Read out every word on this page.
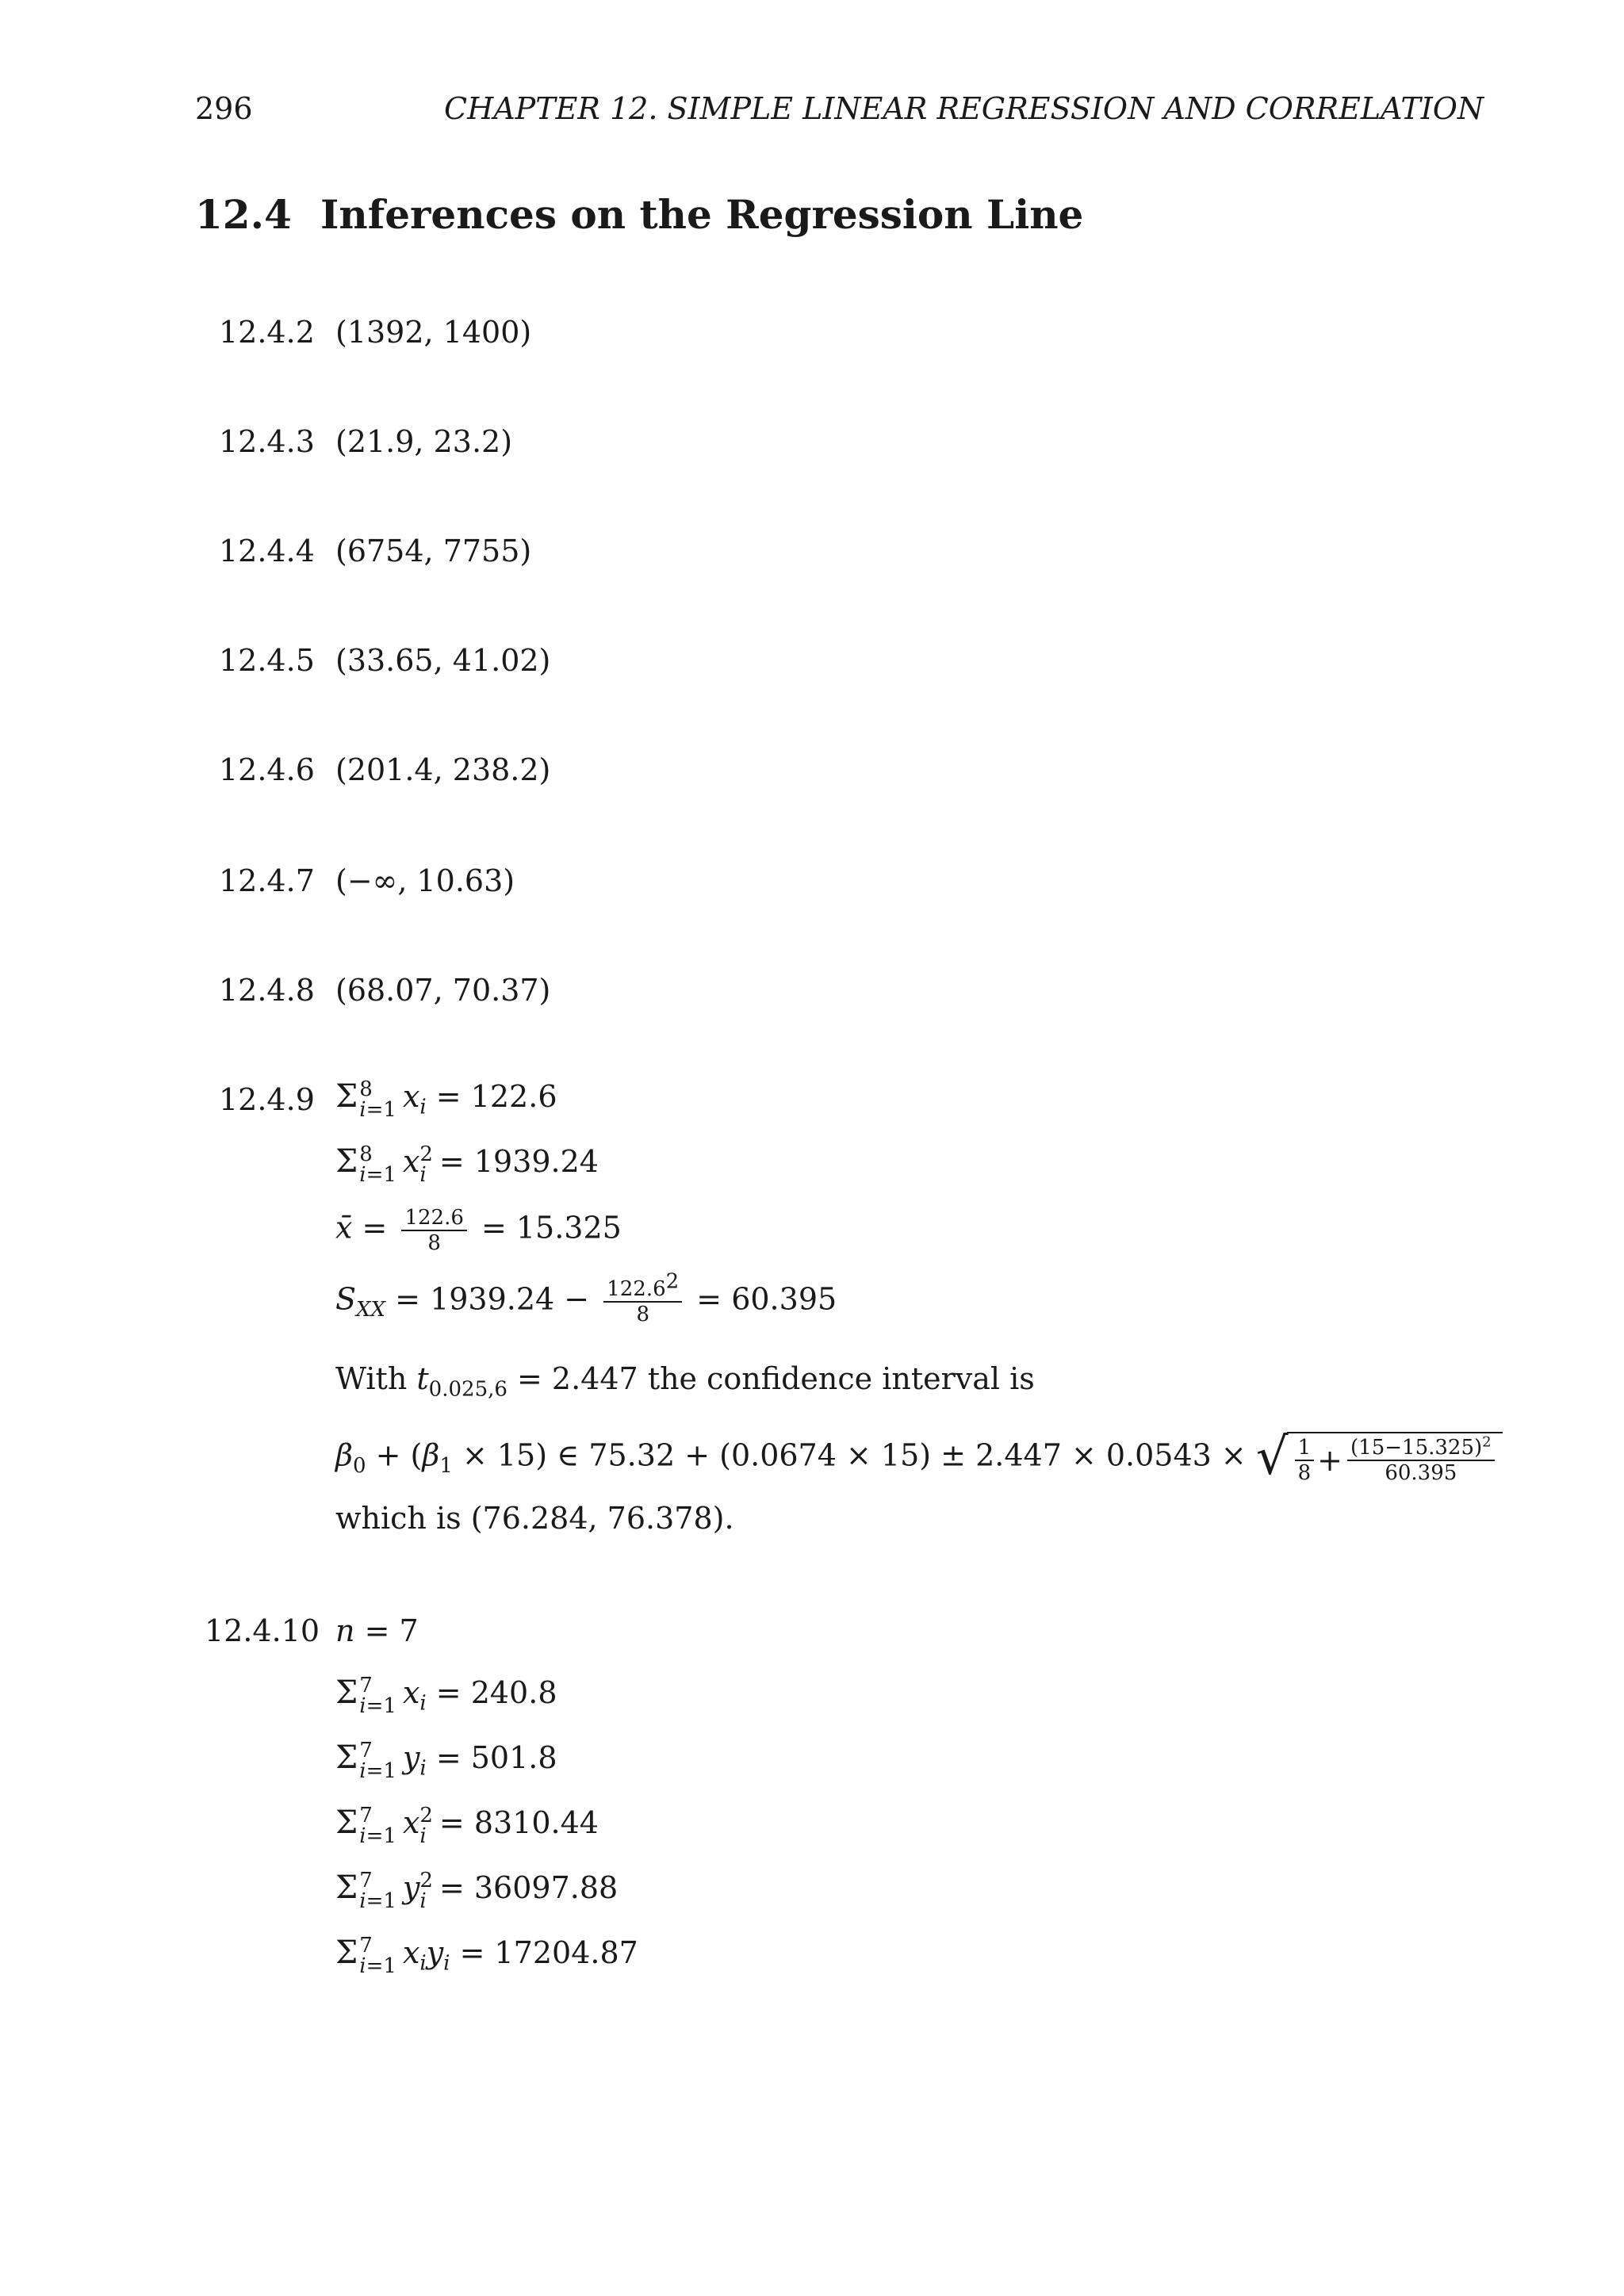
296	CHAPTER 12. SIMPLE LINEAR REGRESSION AND CORRELATION
12.4 Inferences on the Regression Line
12.4.2 (1392, 1400)
12.4.3 (21.9, 23.2)
12.4.4 (6754, 7755)
12.4.5 (33.65, 41.02)
12.4.6 (201.4, 238.2)
12.4.7 (−∞, 10.63)
12.4.8 (68.07, 70.37)
12.4.9 Σ 8
i=1 $x_i = 122.6$
Σ 8
i=1 x 2
i = 1939.24
x̄ = $\frac{122.6}{8} = 15.325$
$S_{XX} = 1939.24 - \frac{122.6^2}{8} = 60.395$
With $t_{0.025,6} = 2.447$ the confidence interval is
$\beta_0 + (\beta_1 \times 15)$ ∈ 75.32 + (0.0674 × 15) ± 2.447 × 0.0543 × √ $\frac{1}{8} + \frac{(15-15.325)^2}{60.395}$
which is (76.284, 76.378).
12.4.10 n = 7
Σ 7
i=1 $x_i = 240.8$
Σ 7
i=1 $y_i = 501.8$
Σ 7
i=1 x 2
i = 8310.44
Σ 7
i=1 y 2
i = 36097.88
Σ 7
i=1 $x_iy_i = 17204.87$
